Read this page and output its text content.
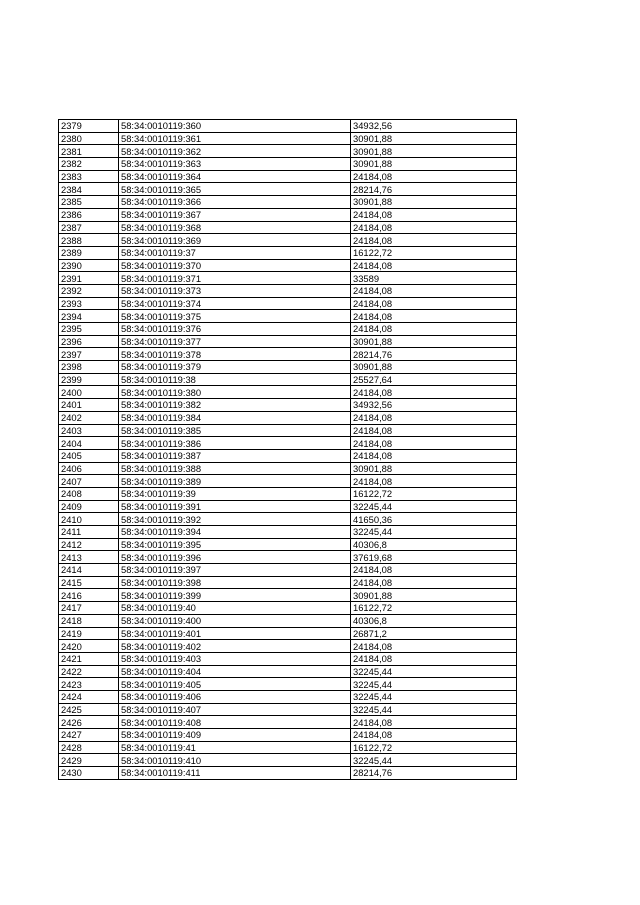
2379	58:34:0010119:360	34932,56
2380	58:34:0010119:361	30901,88
2381	58:34:0010119:362	30901,88
2382	58:34:0010119:363	30901,88
2383	58:34:0010119:364	24184,08
2384	58:34:0010119:365	28214,76
2385	58:34:0010119:366	30901,88
2386	58:34:0010119:367	24184,08
2387	58:34:0010119:368	24184,08
2388	58:34:0010119:369	24184,08
2389	58:34:0010119:37	16122,72
2390	58:34:0010119:370	24184,08
2391	58:34:0010119:371	33589
2392	58:34:0010119:373	24184,08
2393	58:34:0010119:374	24184,08
2394	58:34:0010119:375	24184,08
2395	58:34:0010119:376	24184,08
2396	58:34:0010119:377	30901,88
2397	58:34:0010119:378	28214,76
2398	58:34:0010119:379	30901,88
2399	58:34:0010119:38	25527,64
2400	58:34:0010119:380	24184,08
2401	58:34:0010119:382	34932,56
2402	58:34:0010119:384	24184,08
2403	58:34:0010119:385	24184,08
2404	58:34:0010119:386	24184,08
2405	58:34:0010119:387	24184,08
2406	58:34:0010119:388	30901,88
2407	58:34:0010119:389	24184,08
2408	58:34:0010119:39	16122,72
2409	58:34:0010119:391	32245,44
2410	58:34:0010119:392	41650,36
2411	58:34:0010119:394	32245,44
2412	58:34:0010119:395	40306,8
2413	58:34:0010119:396	37619,68
2414	58:34:0010119:397	24184,08
2415	58:34:0010119:398	24184,08
2416	58:34:0010119:399	30901,88
2417	58:34:0010119:40	16122,72
2418	58:34:0010119:400	40306,8
2419	58:34:0010119:401	26871,2
2420	58:34:0010119:402	24184,08
2421	58:34:0010119:403	24184,08
2422	58:34:0010119:404	32245,44
2423	58:34:0010119:405	32245,44
2424	58:34:0010119:406	32245,44
2425	58:34:0010119:407	32245,44
2426	58:34:0010119:408	24184,08
2427	58:34:0010119:409	24184,08
2428	58:34:0010119:41	16122,72
2429	58:34:0010119:410	32245,44
2430	58:34:0010119:411	28214,76
